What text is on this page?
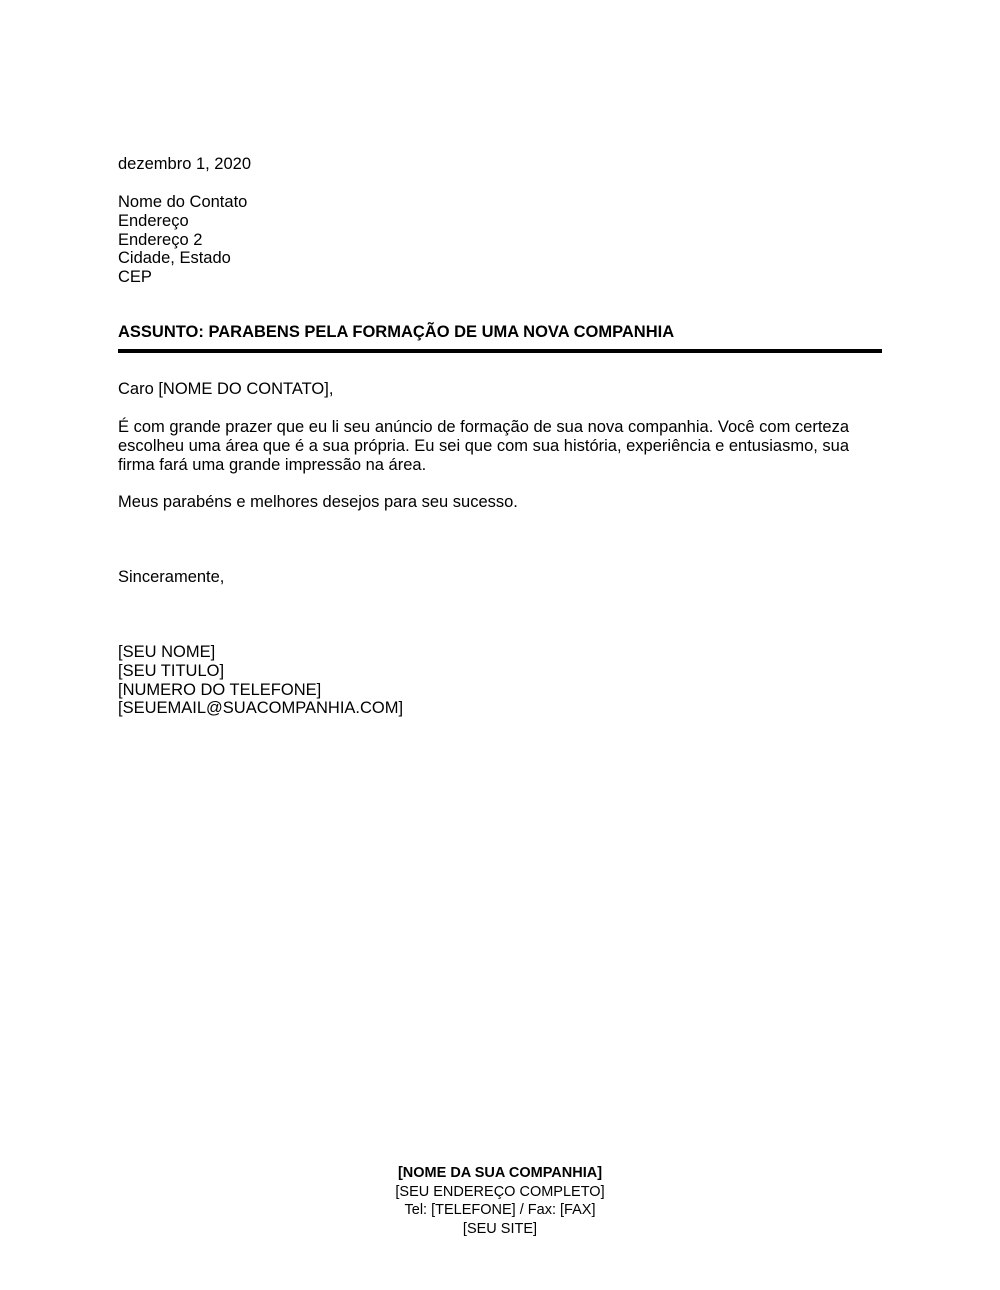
dezembro 1, 2020
Nome do Contato
Endereço
Endereço 2
Cidade, Estado
CEP
ASSUNTO: PARABENS PELA FORMAÇÃO DE UMA NOVA COMPANHIA
Caro [NOME DO CONTATO],

É com grande prazer que eu li seu anúncio de formação de sua nova companhia. Você com certeza escolheu uma área que é a sua própria. Eu sei que com sua história, experiência e entusiasmo, sua firma fará uma grande impressão na área.

Meus parabéns e melhores desejos para seu sucesso.
Sinceramente,
[SEU NOME]
[SEU TITULO]
[NUMERO DO TELEFONE]
[SEUEMAIL@SUACOMPANHIA.COM]
[NOME DA SUA COMPANHIA]
[SEU ENDEREÇO COMPLETO]
Tel: [TELEFONE] / Fax: [FAX]
[SEU SITE]
